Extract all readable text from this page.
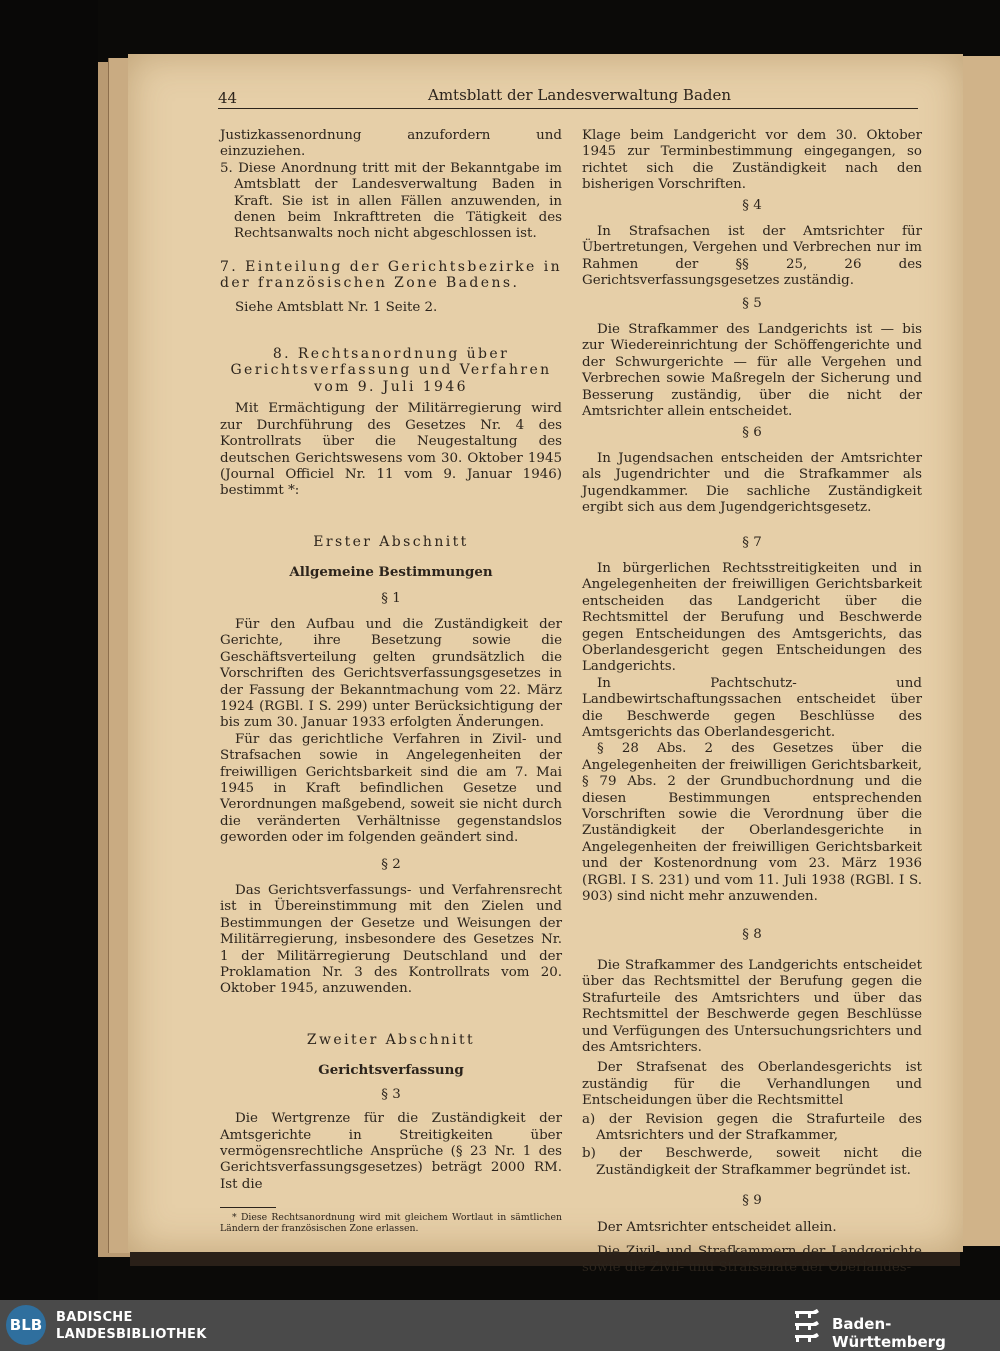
44	Amtsblatt der Landesverwaltung Baden

Justizkassenordnung anzufordern und einzuziehen.

5. Diese Anordnung tritt mit der Bekanntgabe im Amtsblatt der Landesverwaltung Baden in Kraft. Sie ist in allen Fällen anzuwenden, in denen beim Inkrafttreten die Tätigkeit des Rechtsanwalts noch nicht abgeschlossen ist.

7. Einteilung der Gerichtsbezirke in der französischen Zone Badens.

Siehe Amtsblatt Nr. 1 Seite 2.

8. Rechtsanordnung über Gerichtsverfassung und Verfahren vom 9. Juli 1946

Mit Ermächtigung der Militärregierung wird zur Durchführung des Gesetzes Nr. 4 des Kontrollrats über die Neugestaltung des deutschen Gerichtswesens vom 30. Oktober 1945 (Journal Officiel Nr. 11 vom 9. Januar 1946) bestimmt *:

Erster Abschnitt

Allgemeine Bestimmungen

§ 1

Für den Aufbau und die Zuständigkeit der Gerichte, ihre Besetzung sowie die Geschäftsverteilung gelten grundsätzlich die Vorschriften des Gerichtsverfassungsgesetzes in der Fassung der Bekanntmachung vom 22. März 1924 (RGBl. I S. 299) unter Berücksichtigung der bis zum 30. Januar 1933 erfolgten Änderungen.

Für das gerichtliche Verfahren in Zivil- und Strafsachen sowie in Angelegenheiten der freiwilligen Gerichtsbarkeit sind die am 7. Mai 1945 in Kraft befindlichen Gesetze und Verordnungen maßgebend, soweit sie nicht durch die veränderten Verhältnisse gegenstandslos geworden oder im folgenden geändert sind.

§ 2

Das Gerichtsverfassungs- und Verfahrensrecht ist in Übereinstimmung mit den Zielen und Bestimmungen der Gesetze und Weisungen der Militärregierung, insbesondere des Gesetzes Nr. 1 der Militärregierung Deutschland und der Proklamation Nr. 3 des Kontrollrats vom 20. Oktober 1945, anzuwenden.

Zweiter Abschnitt

Gerichtsverfassung

§ 3

Die Wertgrenze für die Zuständigkeit der Amtsgerichte in Streitigkeiten über vermögensrechtliche Ansprüche (§ 23 Nr. 1 des Gerichtsverfassungsgesetzes) beträgt 2000 RM. Ist die

* Diese Rechtsanordnung wird mit gleichem Wortlaut in sämtlichen Ländern der französischen Zone erlassen.

Klage beim Landgericht vor dem 30. Oktober 1945 zur Terminbestimmung eingegangen, so richtet sich die Zuständigkeit nach den bisherigen Vorschriften.

§ 4

In Strafsachen ist der Amtsrichter für Übertretungen, Vergehen und Verbrechen nur im Rahmen der §§ 25, 26 des Gerichtsverfassungsgesetzes zuständig.

§ 5

Die Strafkammer des Landgerichts ist — bis zur Wiedereinrichtung der Schöffengerichte und der Schwurgerichte — für alle Vergehen und Verbrechen sowie Maßregeln der Sicherung und Besserung zuständig, über die nicht der Amtsrichter allein entscheidet.

§ 6

In Jugendsachen entscheiden der Amtsrichter als Jugendrichter und die Strafkammer als Jugendkammer. Die sachliche Zuständigkeit ergibt sich aus dem Jugendgerichtsgesetz.

§ 7

In bürgerlichen Rechtsstreitigkeiten und in Angelegenheiten der freiwilligen Gerichtsbarkeit entscheiden das Landgericht über die Rechtsmittel der Berufung und Beschwerde gegen Entscheidungen des Amtsgerichts, das Oberlandesgericht gegen Entscheidungen des Landgerichts.

In Pachtschutz- und Landbewirtschaftungssachen entscheidet über die Beschwerde gegen Beschlüsse des Amtsgerichts das Oberlandesgericht.

§ 28 Abs. 2 des Gesetzes über die Angelegenheiten der freiwilligen Gerichtsbarkeit, § 79 Abs. 2 der Grundbuchordnung und die diesen Bestimmungen entsprechenden Vorschriften sowie die Verordnung über die Zuständigkeit der Oberlandesgerichte in Angelegenheiten der freiwilligen Gerichtsbarkeit und der Kostenordnung vom 23. März 1936 (RGBl. I S. 231) und vom 11. Juli 1938 (RGBl. I S. 903) sind nicht mehr anzuwenden.

§ 8

Die Strafkammer des Landgerichts entscheidet über das Rechtsmittel der Berufung gegen die Strafurteile des Amtsrichters und über das Rechtsmittel der Beschwerde gegen Beschlüsse und Verfügungen des Untersuchungsrichters und des Amtsrichters.

Der Strafsenat des Oberlandesgerichts ist zuständig für die Verhandlungen und Entscheidungen über die Rechtsmittel

a) der Revision gegen die Strafurteile des Amtsrichters und der Strafkammer,

b) der Beschwerde, soweit nicht die Zuständigkeit der Strafkammer begründet ist.

§ 9

Der Amtsrichter entscheidet allein.

Die Zivil- und Strafkammern der Landgerichte sowie die Zivil- und Strafsenate der Oberlandes-

BLB BADISCHE
LANDESBIBLIOTHEK
Baden-Württemberg
